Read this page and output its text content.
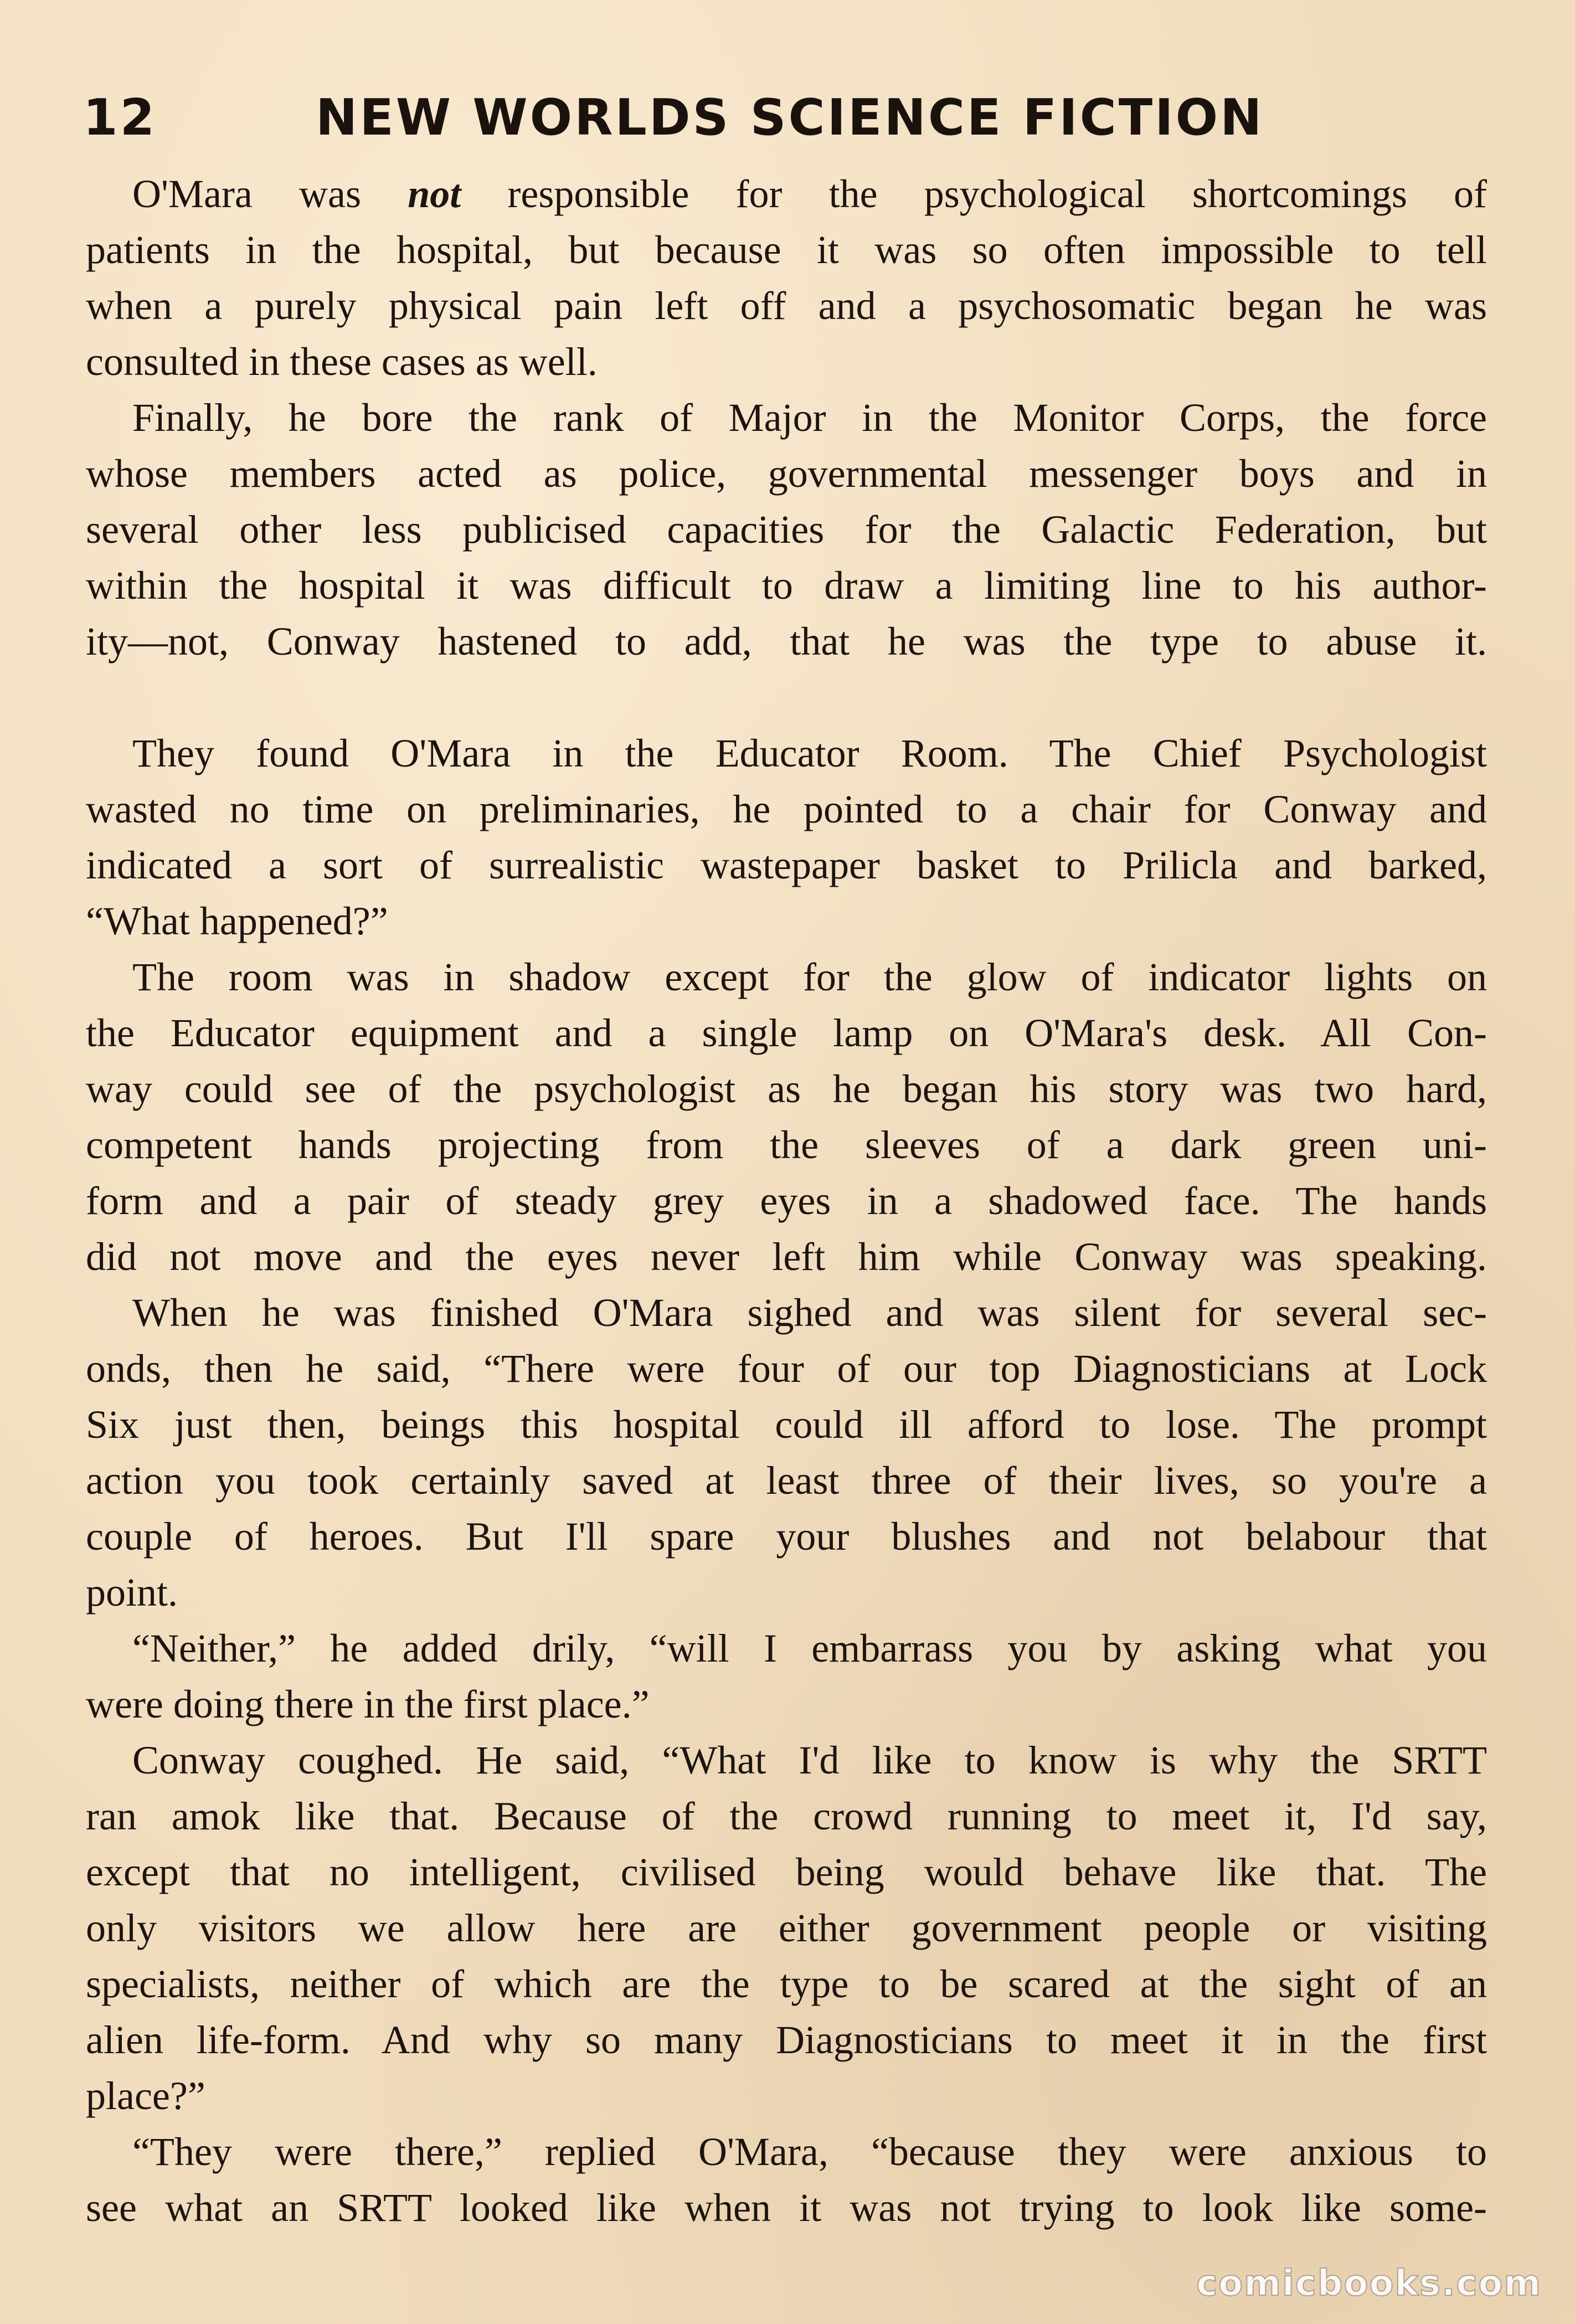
12	NEW WORLDS SCIENCE FICTION
O'Mara was not responsible for the psychological shortcomings of
patients in the hospital, but because it was so often impossible to tell
when a purely physical pain left off and a psychosomatic began he was
consulted in these cases as well.
Finally, he bore the rank of Major in the Monitor Corps, the force
whose members acted as police, governmental messenger boys and in
several other less publicised capacities for the Galactic Federation, but
within the hospital it was difficult to draw a limiting line to his author-
ity—not, Conway hastened to add, that he was the type to abuse it.
They found O'Mara in the Educator Room. The Chief Psychologist
wasted no time on preliminaries, he pointed to a chair for Conway and
indicated a sort of surrealistic wastepaper basket to Prilicla and barked,
“What happened?”
The room was in shadow except for the glow of indicator lights on
the Educator equipment and a single lamp on O'Mara's desk. All Con-
way could see of the psychologist as he began his story was two hard,
competent hands projecting from the sleeves of a dark green uni-
form and a pair of steady grey eyes in a shadowed face. The hands
did not move and the eyes never left him while Conway was speaking.
When he was finished O'Mara sighed and was silent for several sec-
onds, then he said, “There were four of our top Diagnosticians at Lock
Six just then, beings this hospital could ill afford to lose. The prompt
action you took certainly saved at least three of their lives, so you're a
couple of heroes. But I'll spare your blushes and not belabour that
point.
“Neither,” he added drily, “will I embarrass you by asking what you
were doing there in the first place.”
Conway coughed. He said, “What I'd like to know is why the SRTT
ran amok like that. Because of the crowd running to meet it, I'd say,
except that no intelligent, civilised being would behave like that. The
only visitors we allow here are either government people or visiting
specialists, neither of which are the type to be scared at the sight of an
alien life-form. And why so many Diagnosticians to meet it in the first
place?”
“They were there,” replied O'Mara, “because they were anxious to
see what an SRTT looked like when it was not trying to look like some-
comicbooks.com
